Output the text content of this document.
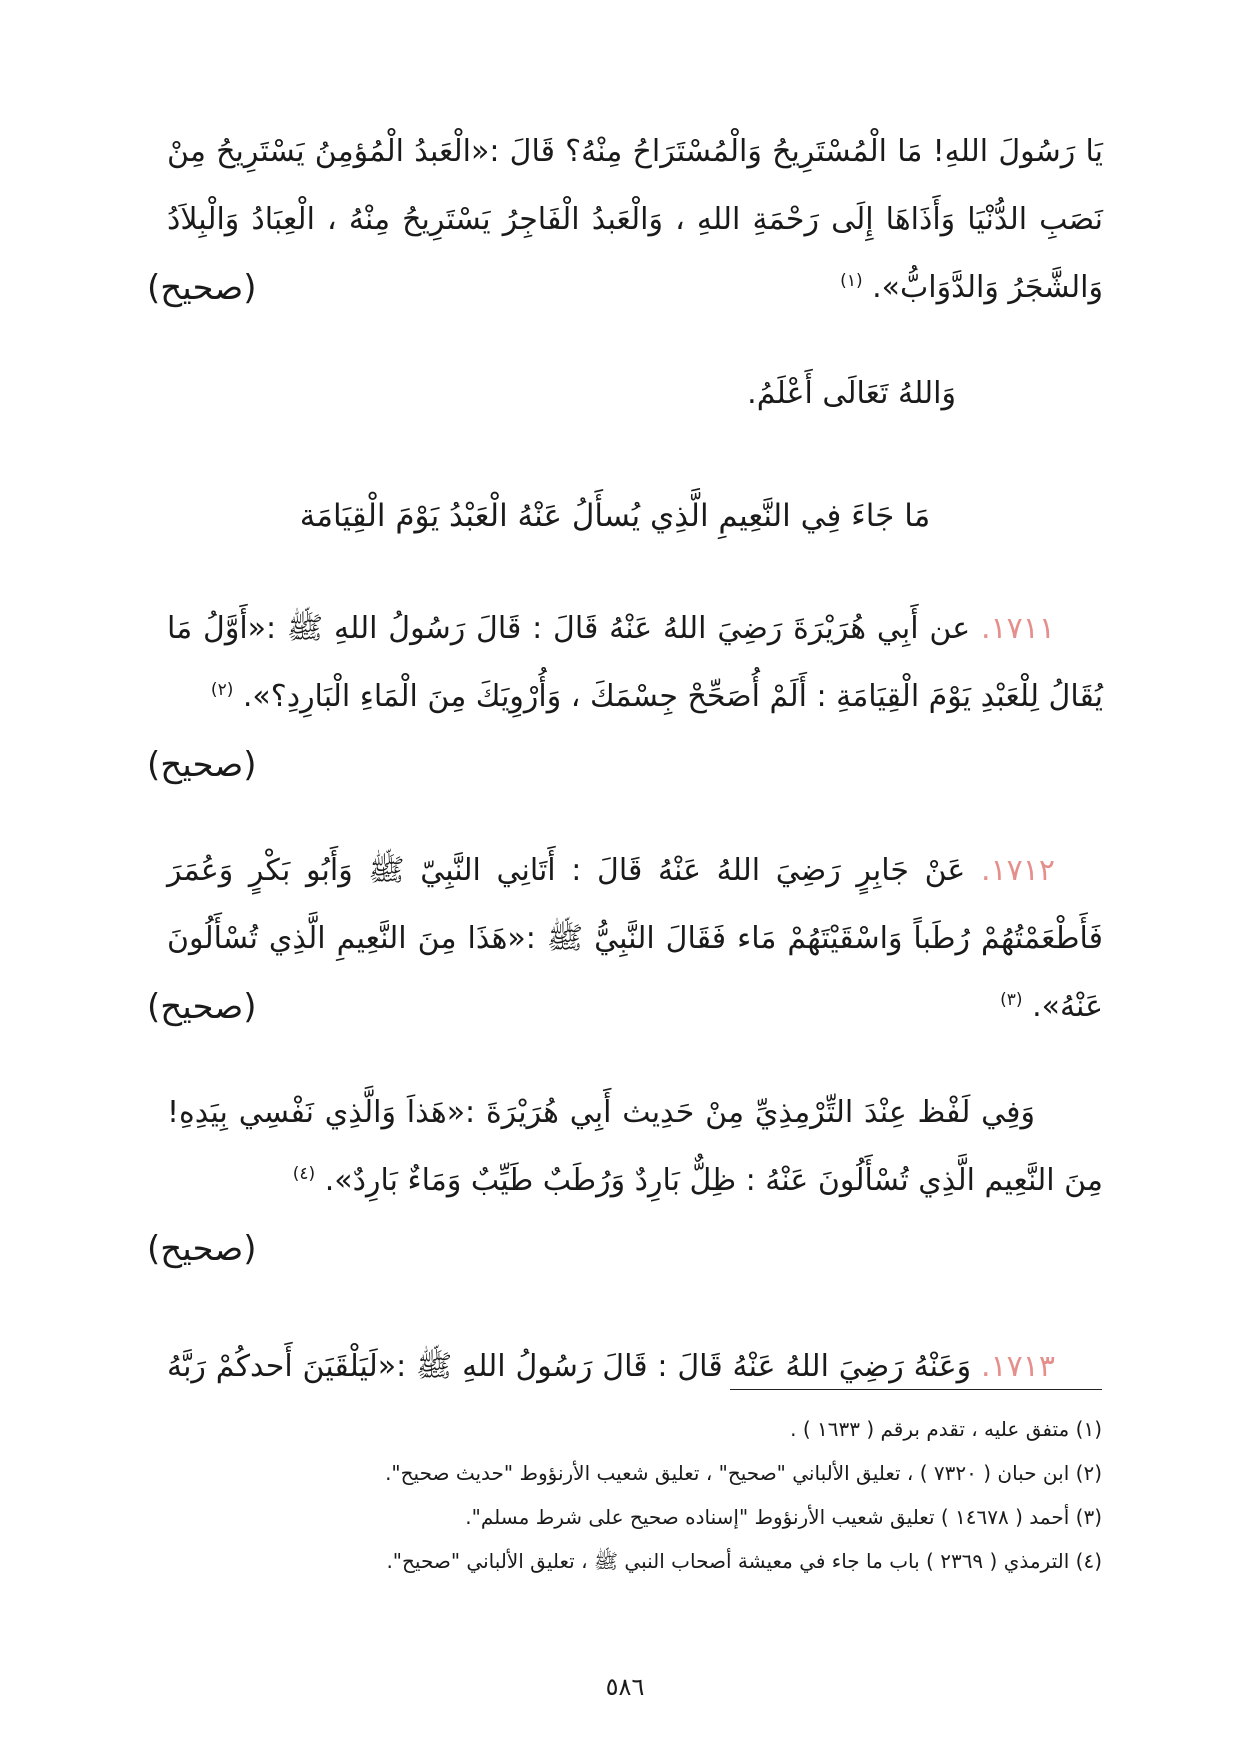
يَا رَسُولَ اللهِ! مَا الْمُسْتَرِيحُ وَالْمُسْتَرَاحُ مِنْهُ؟ قَالَ :«الْعَبدُ الْمُؤمِنُ يَسْتَرِيحُ مِنْ نَصَبِ الدُّنْيَا وَأَذَاهَا إِلَى رَحْمَةِ اللهِ ، وَالْعَبدُ الْفَاجِرُ يَسْتَرِيحُ مِنْهُ ، الْعِبَادُ وَالْبِلاَدُ وَالشَّجَرُ وَالدَّوَابُّ». $^{(١)}$
(صحيح)

وَاللهُ تَعَالَى أَعْلَمُ.

مَا جَاءَ فِي النَّعِيمِ الَّذِي يُسأَلُ عَنْهُ الْعَبْدُ يَوْمَ الْقِيَامَة

١٧١١. عن أَبِي هُرَيْرَةَ رَضِيَ اللهُ عَنْهُ قَالَ : قَالَ رَسُولُ اللهِ ﷺ :«أَوَّلُ مَا يُقَالُ لِلْعَبْدِ يَوْمَ الْقِيَامَةِ : أَلَمْ أُصَحِّحْ جِسْمَكَ ، وَأُرْوِيَكَ مِنَ الْمَاءِ الْبَارِدِ؟». $^{(٢)}$
(صحيح)

١٧١٢. عَنْ جَابِرٍ رَضِيَ اللهُ عَنْهُ قَالَ : أَتَانِي النَّبِيّ ﷺ وَأَبُو بَكْرٍ وَعُمَرَ فَأَطْعَمْتُهُمْ رُطَباً وَاسْقَيْتَهُمْ مَاء فَقَالَ النَّبِيُّ ﷺ :«هَذَا مِنَ النَّعِيمِ الَّذِي تُسْأَلُونَ عَنْهُ». $^{(٣)}$
(صحيح)

وَفِي لَفْظ عِنْدَ التِّرْمِذِيِّ مِنْ حَدِيث أَبِي هُرَيْرَةَ :«هَذاَ وَالَّذِي نَفْسِي بِيَدِهِ! مِنَ النَّعِيم الَّذِي تُسْأَلُونَ عَنْهُ : ظِلٌّ بَارِدٌ وَرُطَبٌ طَيِّبٌ وَمَاءٌ بَارِدٌ». $^{(٤)}$
(صحيح)

١٧١٣. وَعَنْهُ رَضِيَ اللهُ عَنْهُ قَالَ : قَالَ رَسُولُ اللهِ ﷺ :«لَيَلْقَيَنَ أَحدكُمْ رَبَّهُ

(١) متفق عليه ، تقدم برقم ( ١٦٣٣ ) .
(٢) ابن حبان ( ٧٣٢٠ ) ، تعليق الألباني "صحيح" ، تعليق شعيب الأرنؤوط "حديث صحيح".
(٣) أحمد ( ١٤٦٧٨ ) تعليق شعيب الأرنؤوط "إسناده صحيح على شرط مسلم".
(٤) الترمذي ( ٢٣٦٩ ) باب ما جاء في معيشة أصحاب النبي ﷺ ، تعليق الألباني "صحيح".
٥٨٦
